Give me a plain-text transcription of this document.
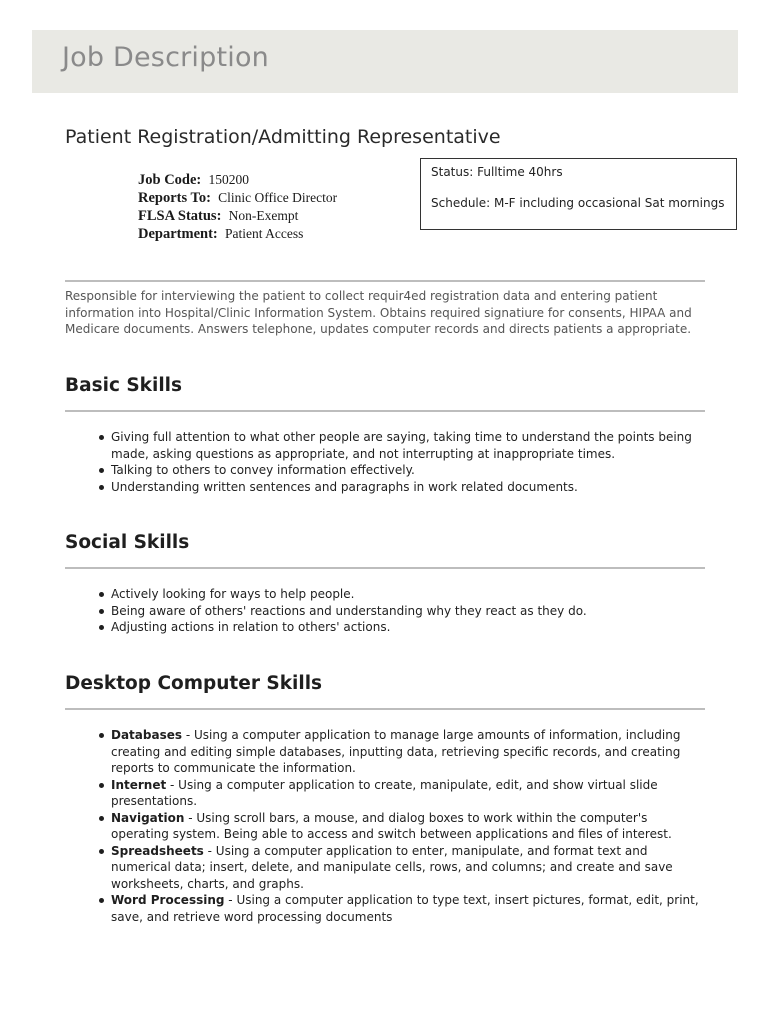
Job Description
Patient Registration/Admitting Representative
Job Code: 150200
Reports To: Clinic Office Director
FLSA Status: Non-Exempt
Department: Patient Access
Status: Fulltime 40hrs
Schedule: M-F including occasional Sat mornings
Responsible for interviewing the patient to collect requir4ed registration data and entering patient information into Hospital/Clinic Information System. Obtains required signatiure for consents, HIPAA and Medicare documents. Answers telephone, updates computer records and directs patients a appropriate.
Basic Skills
Giving full attention to what other people are saying, taking time to understand the points being made, asking questions as appropriate, and not interrupting at inappropriate times.
Talking to others to convey information effectively.
Understanding written sentences and paragraphs in work related documents.
Social Skills
Actively looking for ways to help people.
Being aware of others' reactions and understanding why they react as they do.
Adjusting actions in relation to others' actions.
Desktop Computer Skills
Databases - Using a computer application to manage large amounts of information, including creating and editing simple databases, inputting data, retrieving specific records, and creating reports to communicate the information.
Internet - Using a computer application to create, manipulate, edit, and show virtual slide presentations.
Navigation - Using scroll bars, a mouse, and dialog boxes to work within the computer's operating system. Being able to access and switch between applications and files of interest.
Spreadsheets - Using a computer application to enter, manipulate, and format text and numerical data; insert, delete, and manipulate cells, rows, and columns; and create and save worksheets, charts, and graphs.
Word Processing - Using a computer application to type text, insert pictures, format, edit, print, save, and retrieve word processing documents
